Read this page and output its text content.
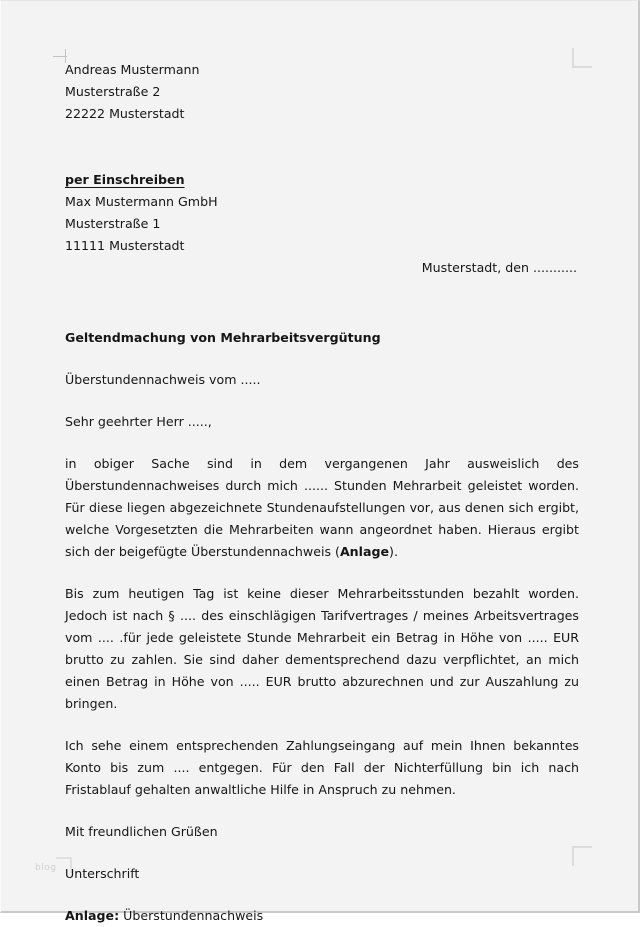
blog
Andreas Mustermann
Musterstraße 2
22222 Musterstadt
per Einschreiben
Max Mustermann GmbH
Musterstraße 1
11111 Musterstadt
Musterstadt, den ...........
Geltendmachung von Mehrarbeitsvergütung
Überstundennachweis vom .....
Sehr geehrter Herr .....,
in obiger Sache sind in dem vergangenen Jahr ausweislich des Überstundennachweises durch mich ...... Stunden Mehrarbeit geleistet worden. Für diese liegen abgezeichnete Stundenaufstellungen vor, aus denen sich ergibt, welche Vorgesetzten die Mehrarbeiten wann angeordnet haben. Hieraus ergibt sich der beigefügte Überstundennachweis (Anlage).
Bis zum heutigen Tag ist keine dieser Mehrarbeitsstunden bezahlt worden. Jedoch ist nach § .... des einschlägigen Tarifvertrages / meines Arbeitsvertrages vom .... .für jede geleistete Stunde Mehrarbeit ein Betrag in Höhe von ..... EUR brutto zu zahlen. Sie sind daher dementsprechend dazu verpflichtet, an mich einen Betrag in Höhe von ..... EUR brutto abzurechnen und zur Auszahlung zu bringen.
Ich sehe einem entsprechenden Zahlungseingang auf mein Ihnen bekanntes Konto bis zum .... entgegen. Für den Fall der Nichterfüllung bin ich nach Fristablauf gehalten anwaltliche Hilfe in Anspruch zu nehmen.
Mit freundlichen Grüßen
Unterschrift
Anlage: Überstundennachweis
